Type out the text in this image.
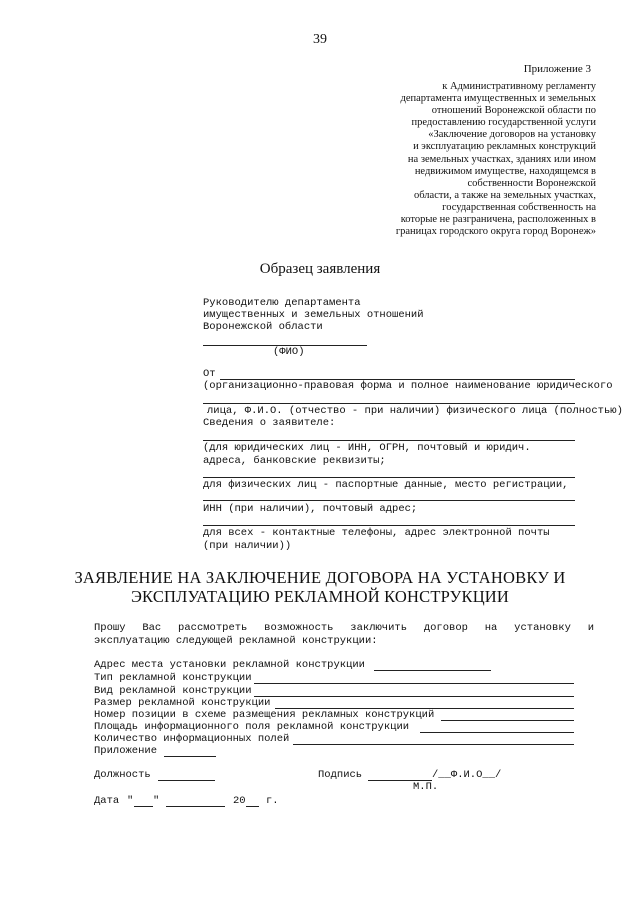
39
Приложение 3
к Административному регламенту
департамента имущественных и земельных
отношений Воронежской области по
предоставлению государственной услуги
«Заключение договоров на установку
и эксплуатацию рекламных конструкций
на земельных участках, зданиях или ином
недвижимом имуществе, находящемся в
собственности Воронежской
области, а также на земельных участках,
государственная собственность на
которые не разграничена, расположенных в
границах городского округа город Воронеж»
Образец заявления
Руководителю департамента
имущественных и земельных отношений
Воронежской области
(ФИО)
От
(организационно-правовая форма и полное наименование юридического
лица, Ф.И.О. (отчество - при наличии) физического лица (полностью)
Сведения о заявителе:
(для юридических лиц - ИНН, ОГРН, почтовый и юридич.
адреса, банковские реквизиты;
для физических лиц - паспортные данные, место регистрации,
ИНН (при наличии), почтовый адрес;
для всех - контактные телефоны, адрес электронной почты
(при наличии))
ЗАЯВЛЕНИЕ НА ЗАКЛЮЧЕНИЕ ДОГОВОРА НА УСТАНОВКУ И
ЭКСПЛУАТАЦИЮ РЕКЛАМНОЙ КОНСТРУКЦИИ
Прошу Вас рассмотреть возможность заключить договор на установку и
эксплуатацию следующей рекламной конструкции:
Адрес места установки рекламной конструкции
Тип рекламной конструкции
Вид рекламной конструкции
Размер рекламной конструкции
Номер позиции в схеме размещения рекламных конструкций
Площадь информационного поля рекламной конструкции
Количество информационных полей
Приложение
Должность	Подпись	/__Ф.И.О__/
М.П.
Дата " "	20 г.
